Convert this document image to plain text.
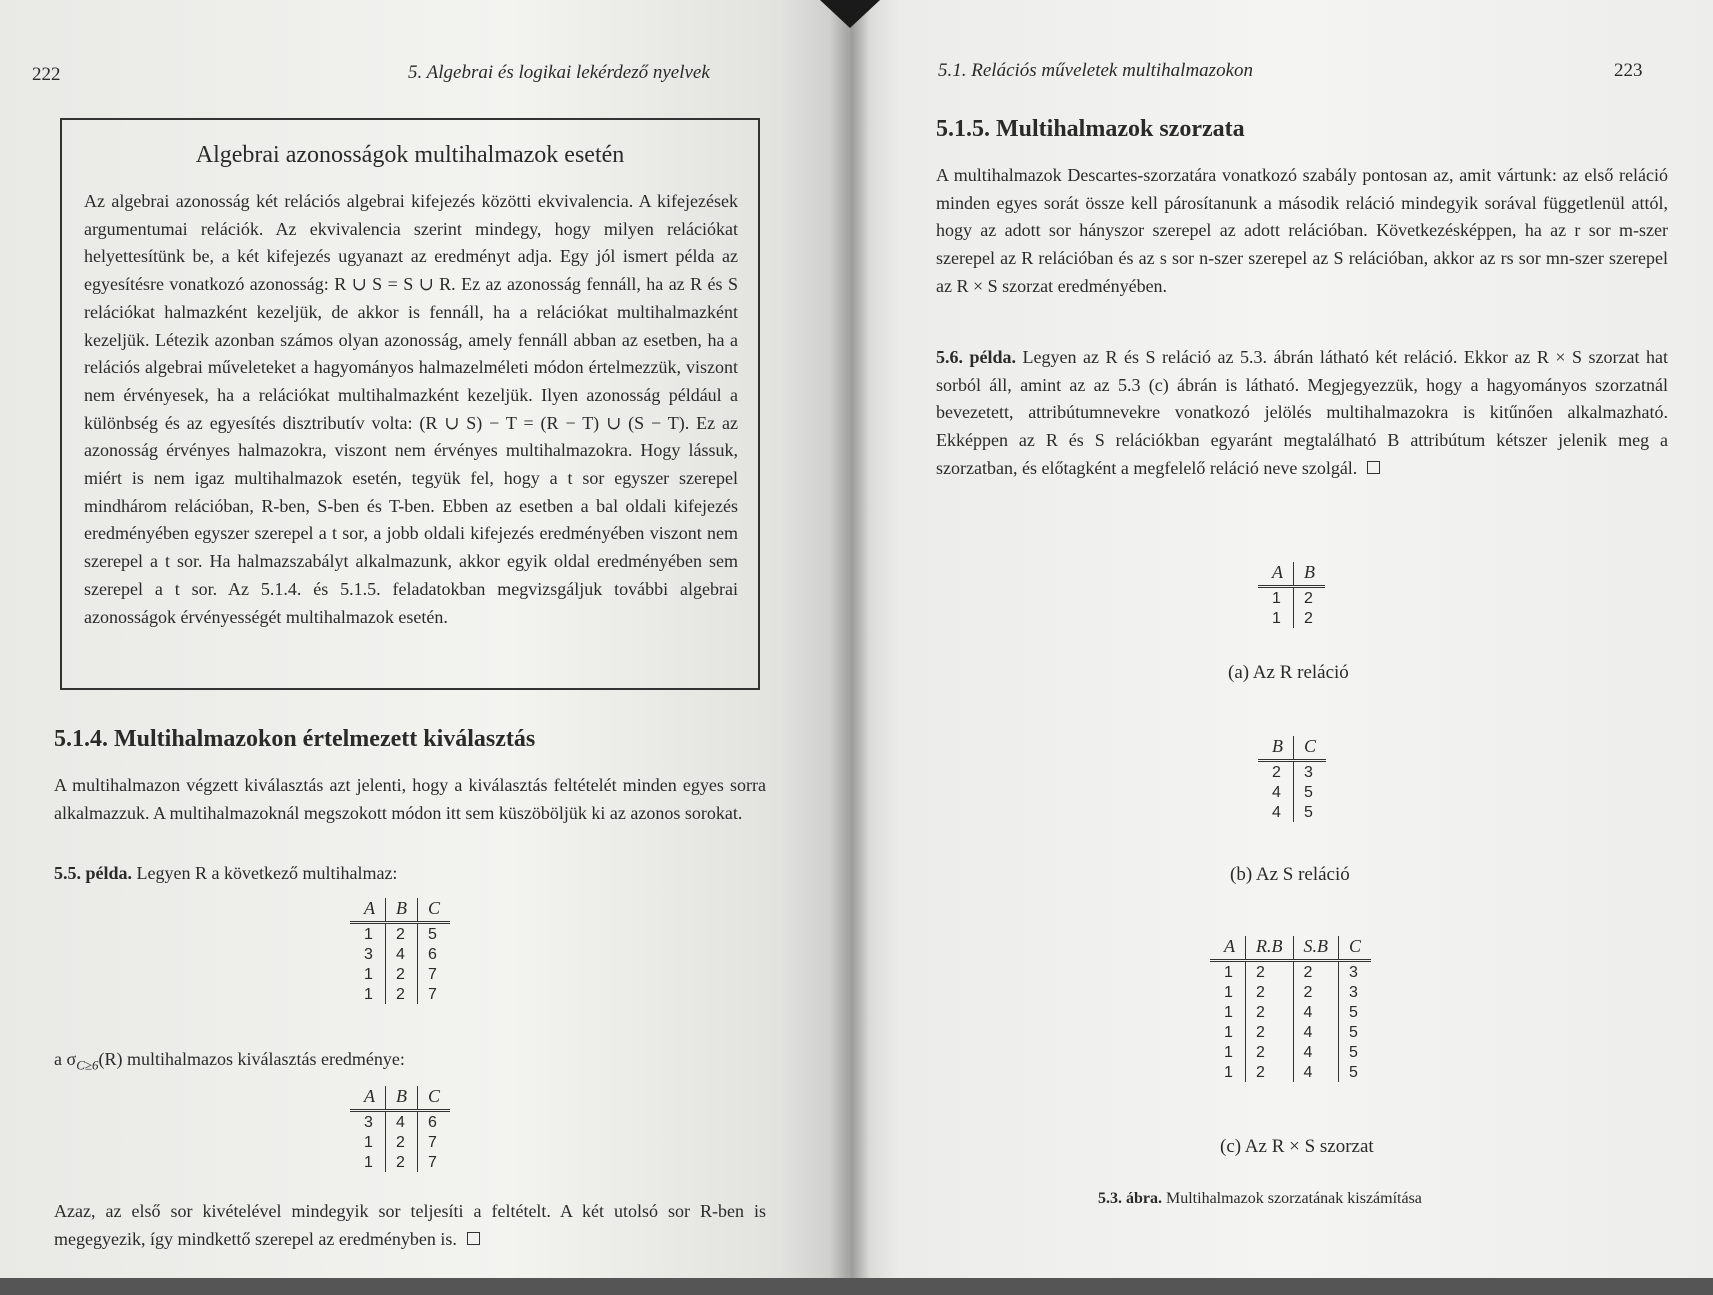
222	5. Algebrai és logikai lekérdező nyelvek
Algebrai azonosságok multihalmazok esetén
Az algebrai azonosság két relációs algebrai kifejezés közötti ekvivalencia. A kifejezések argumentumai relációk. Az ekvivalencia szerint mindegy, hogy milyen relációkat helyettesítünk be, a két kifejezés ugyanazt az eredményt adja. Egy jól ismert példa az egyesítésre vonatkozó azonosság: R ∪ S = S ∪ R. Ez az azonosság fennáll, ha az R és S relációkat halmazként kezeljük, de akkor is fennáll, ha a relációkat multihalmazként kezeljük. Létezik azonban számos olyan azonosság, amely fennáll abban az esetben, ha a relációs algebrai műveleteket a hagyományos halmazelméleti módon értelmezzük, viszont nem érvényesek, ha a relációkat multihalmazként kezeljük. Ilyen azonosság például a különbség és az egyesítés disztributív volta: (R ∪ S) − T = (R − T) ∪ (S − T). Ez az azonosság érvényes halmazokra, viszont nem érvényes multihalmazokra. Hogy lássuk, miért is nem igaz multihalmazok esetén, tegyük fel, hogy a t sor egyszer szerepel mindhárom relációban, R-ben, S-ben és T-ben. Ebben az esetben a bal oldali kifejezés eredményében egyszer szerepel a t sor, a jobb oldali kifejezés eredményében viszont nem szerepel a t sor. Ha halmazszabályt alkalmazunk, akkor egyik oldal eredményében sem szerepel a t sor. Az 5.1.4. és 5.1.5. feladatokban megvizsgáljuk további algebrai azonosságok érvényességét multihalmazok esetén.
5.1.4. Multihalmazokon értelmezett kiválasztás
A multihalmazon végzett kiválasztás azt jelenti, hogy a kiválasztás feltételét minden egyes sorra alkalmazzuk. A multihalmazoknál megszokott módon itt sem küszöböljük ki az azonos sorokat.
5.5. példa. Legyen R a következő multihalmaz:
A	B	C
1	2	5
3	4	6
1	2	7
1	2	7
a $\sigma_{C\ge 6}(R)$ multihalmazos kiválasztás eredménye:
A	B	C
3	4	6
1	2	7
1	2	7
Azaz, az első sor kivételével mindegyik sor teljesíti a feltételt. A két utolsó sor R-ben is megegyezik, így mindkettő szerepel az eredményben is.
5.1. Relációs műveletek multihalmazokon	223
5.1.5. Multihalmazok szorzata
A multihalmazok Descartes-szorzatára vonatkozó szabály pontosan az, amit vártunk: az első reláció minden egyes sorát össze kell párosítanunk a második reláció mindegyik sorával függetlenül attól, hogy az adott sor hányszor szerepel az adott relációban. Következésképpen, ha az r sor m-szer szerepel az R relációban és az s sor n-szer szerepel az S relációban, akkor az rs sor mn-szer szerepel az R × S szorzat eredményében.
5.6. példa. Legyen az R és S reláció az 5.3. ábrán látható két reláció. Ekkor az R × S szorzat hat sorból áll, amint az az 5.3 (c) ábrán is látható. Megjegyezzük, hogy a hagyományos szorzatnál bevezetett, attribútumnevekre vonatkozó jelölés multihalmazokra is kitűnően alkalmazható. Ekképpen az R és S relációkban egyaránt megtalálható B attribútum kétszer jelenik meg a szorzatban, és előtagként a megfelelő reláció neve szolgál.
A	B
1	2
1	2
(a) Az R reláció
B	C
2	3
4	5
4	5
(b) Az S reláció
A	R.B	S.B	C
1	2	2	3
1	2	2	3
1	2	4	5
1	2	4	5
1	2	4	5
1	2	4	5
(c) Az R × S szorzat
5.3. ábra. Multihalmazok szorzatának kiszámítása
